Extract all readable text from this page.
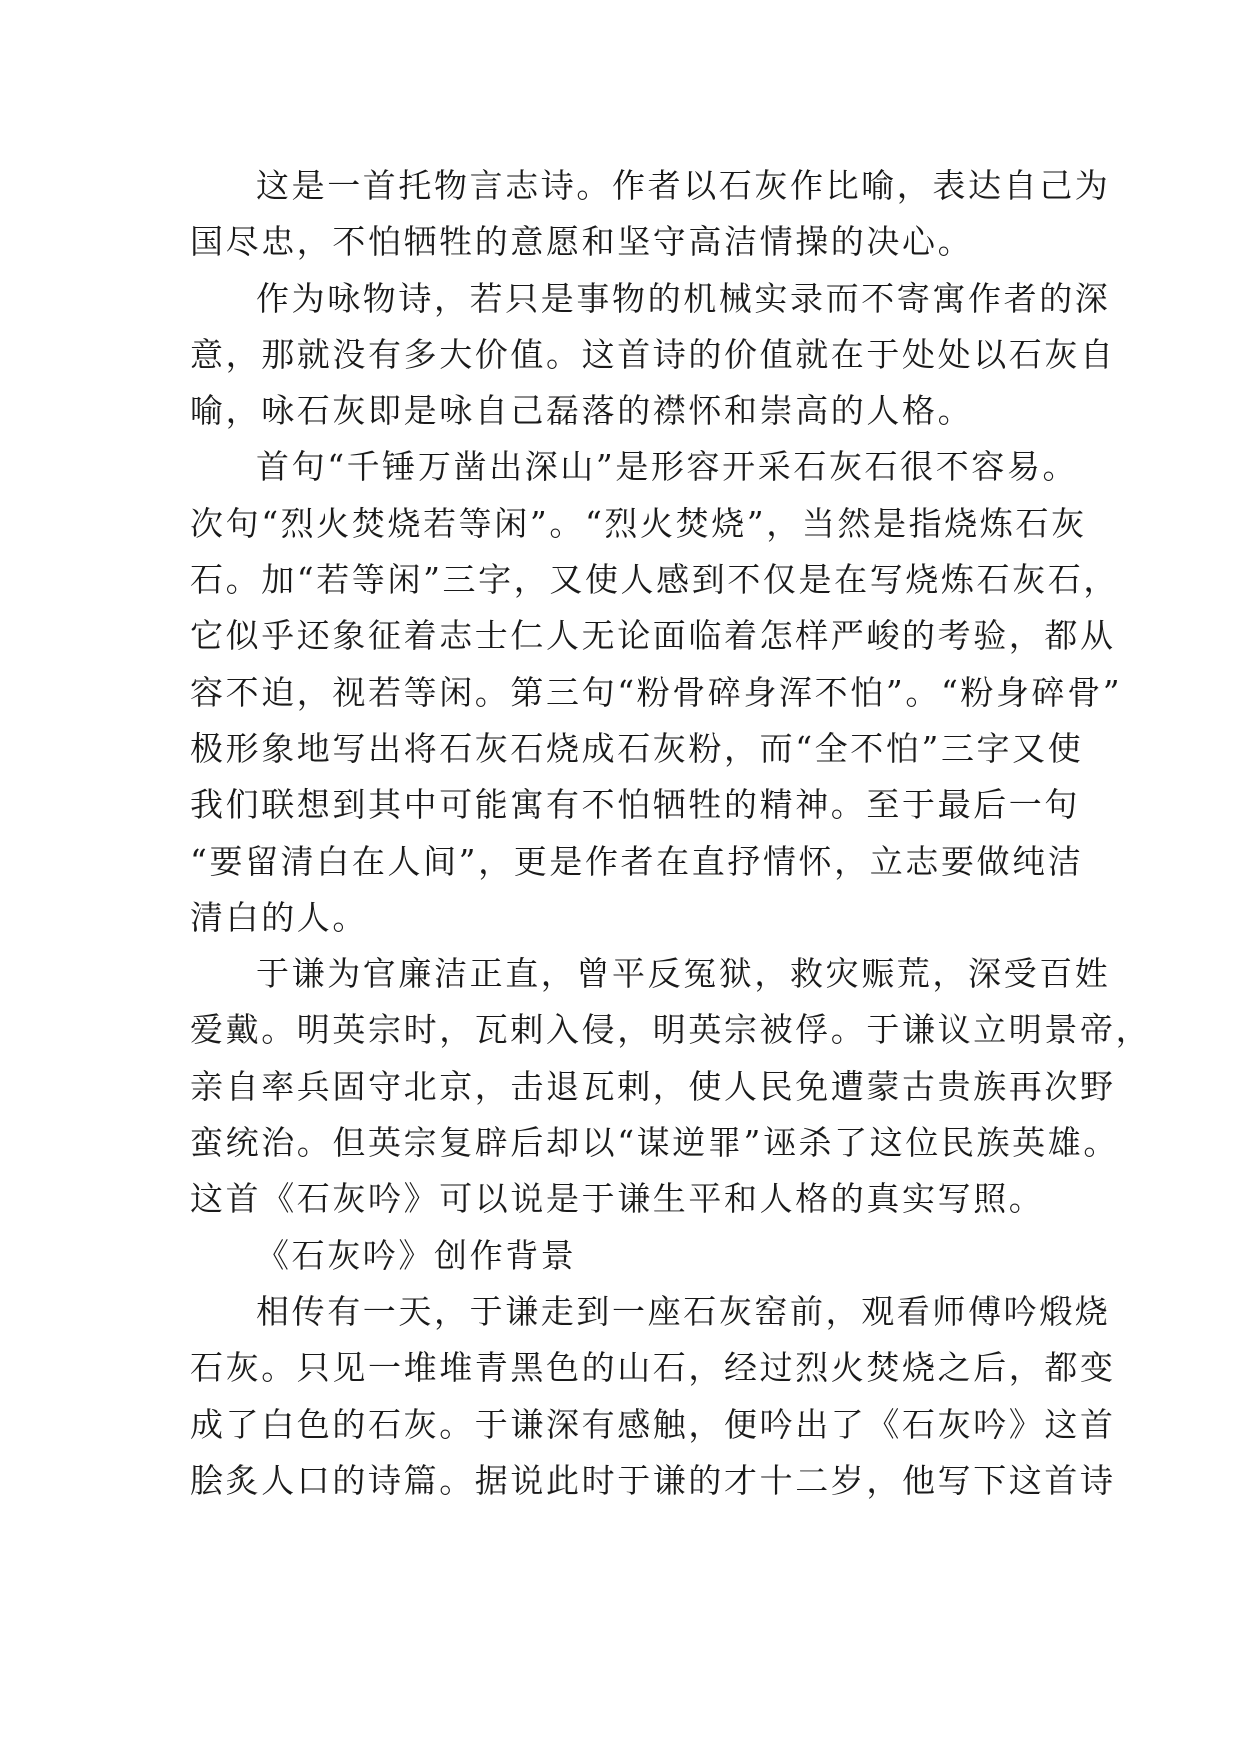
这是一首托物言志诗。作者以石灰作比喻，表达自己为
国尽忠，不怕牺牲的意愿和坚守高洁情操的决心。
作为咏物诗，若只是事物的机械实录而不寄寓作者的深
意，那就没有多大价值。这首诗的价值就在于处处以石灰自
喻，咏石灰即是咏自己磊落的襟怀和崇高的人格。
首句“千锤万凿出深山”是形容开采石灰石很不容易。
次句“烈火焚烧若等闲”。“烈火焚烧”，当然是指烧炼石灰
石。加“若等闲”三字，又使人感到不仅是在写烧炼石灰石，
它似乎还象征着志士仁人无论面临着怎样严峻的考验，都从
容不迫，视若等闲。第三句“粉骨碎身浑不怕”。“粉身碎骨”
极形象地写出将石灰石烧成石灰粉，而“全不怕”三字又使
我们联想到其中可能寓有不怕牺牲的精神。至于最后一句
“要留清白在人间”，更是作者在直抒情怀，立志要做纯洁
清白的人。
于谦为官廉洁正直，曾平反冤狱，救灾赈荒，深受百姓
爱戴。明英宗时，瓦剌入侵，明英宗被俘。于谦议立明景帝，
亲自率兵固守北京，击退瓦剌，使人民免遭蒙古贵族再次野
蛮统治。但英宗复辟后却以“谋逆罪”诬杀了这位民族英雄。
这首《石灰吟》可以说是于谦生平和人格的真实写照。
《石灰吟》创作背景
相传有一天，于谦走到一座石灰窑前，观看师傅吟煅烧
石灰。只见一堆堆青黑色的山石，经过烈火焚烧之后，都变
成了白色的石灰。于谦深有感触，便吟出了《石灰吟》这首
脍炙人口的诗篇。据说此时于谦的才十二岁，他写下这首诗
